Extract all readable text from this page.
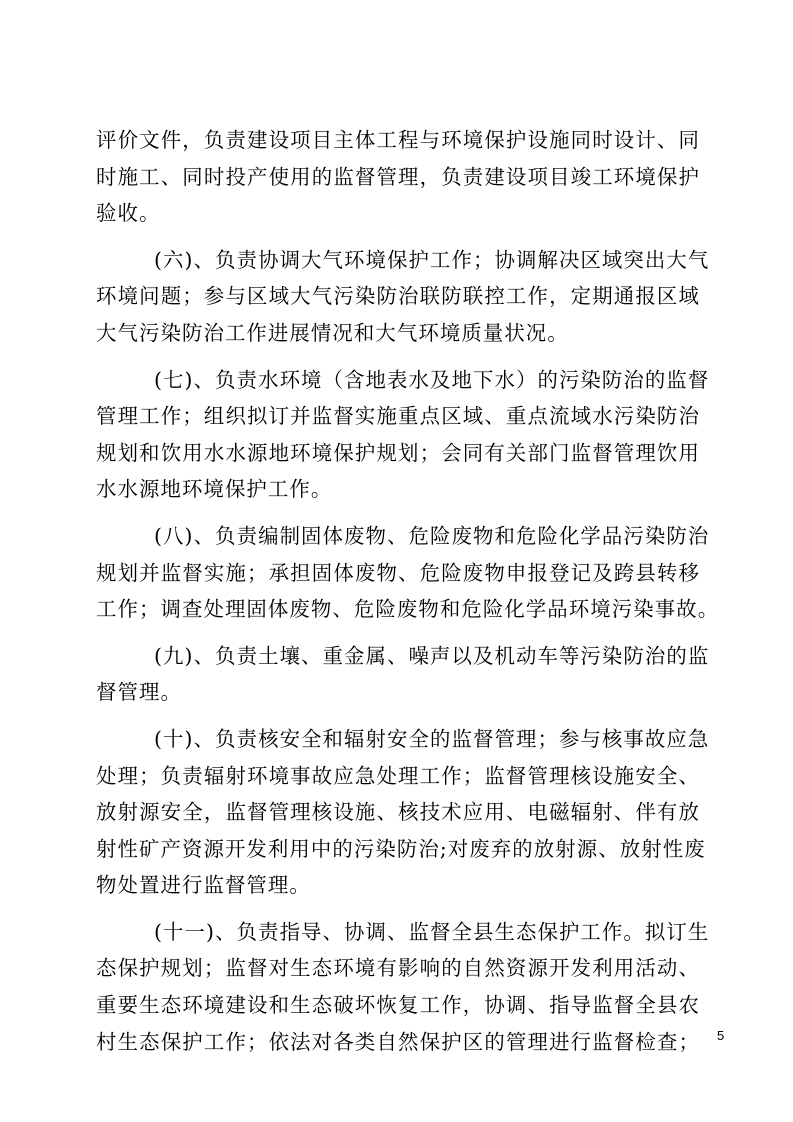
评价文件，负责建设项目主体工程与环境保护设施同时设计、同
时施工、同时投产使用的监督管理，负责建设项目竣工环境保护
验收。

(六)、负责协调大气环境保护工作；协调解决区域突出大气
环境问题；参与区域大气污染防治联防联控工作，定期通报区域
大气污染防治工作进展情况和大气环境质量状况。

(七)、负责水环境（含地表水及地下水）的污染防治的监督
管理工作；组织拟订并监督实施重点区域、重点流域水污染防治
规划和饮用水水源地环境保护规划；会同有关部门监督管理饮用
水水源地环境保护工作。

(八)、负责编制固体废物、危险废物和危险化学品污染防治
规划并监督实施；承担固体废物、危险废物申报登记及跨县转移
工作；调查处理固体废物、危险废物和危险化学品环境污染事故。

(九)、负责土壤、重金属、噪声以及机动车等污染防治的监
督管理。

(十)、负责核安全和辐射安全的监督管理；参与核事故应急
处理；负责辐射环境事故应急处理工作；监督管理核设施安全、
放射源安全，监督管理核设施、核技术应用、电磁辐射、伴有放
射性矿产资源开发利用中的污染防治;对废弃的放射源、放射性废
物处置进行监督管理。

(十一)、负责指导、协调、监督全县生态保护工作。拟订生
态保护规划；监督对生态环境有影响的自然资源开发利用活动、
重要生态环境建设和生态破坏恢复工作，协调、指导监督全县农
村生态保护工作；依法对各类自然保护区的管理进行监督检查； 5
